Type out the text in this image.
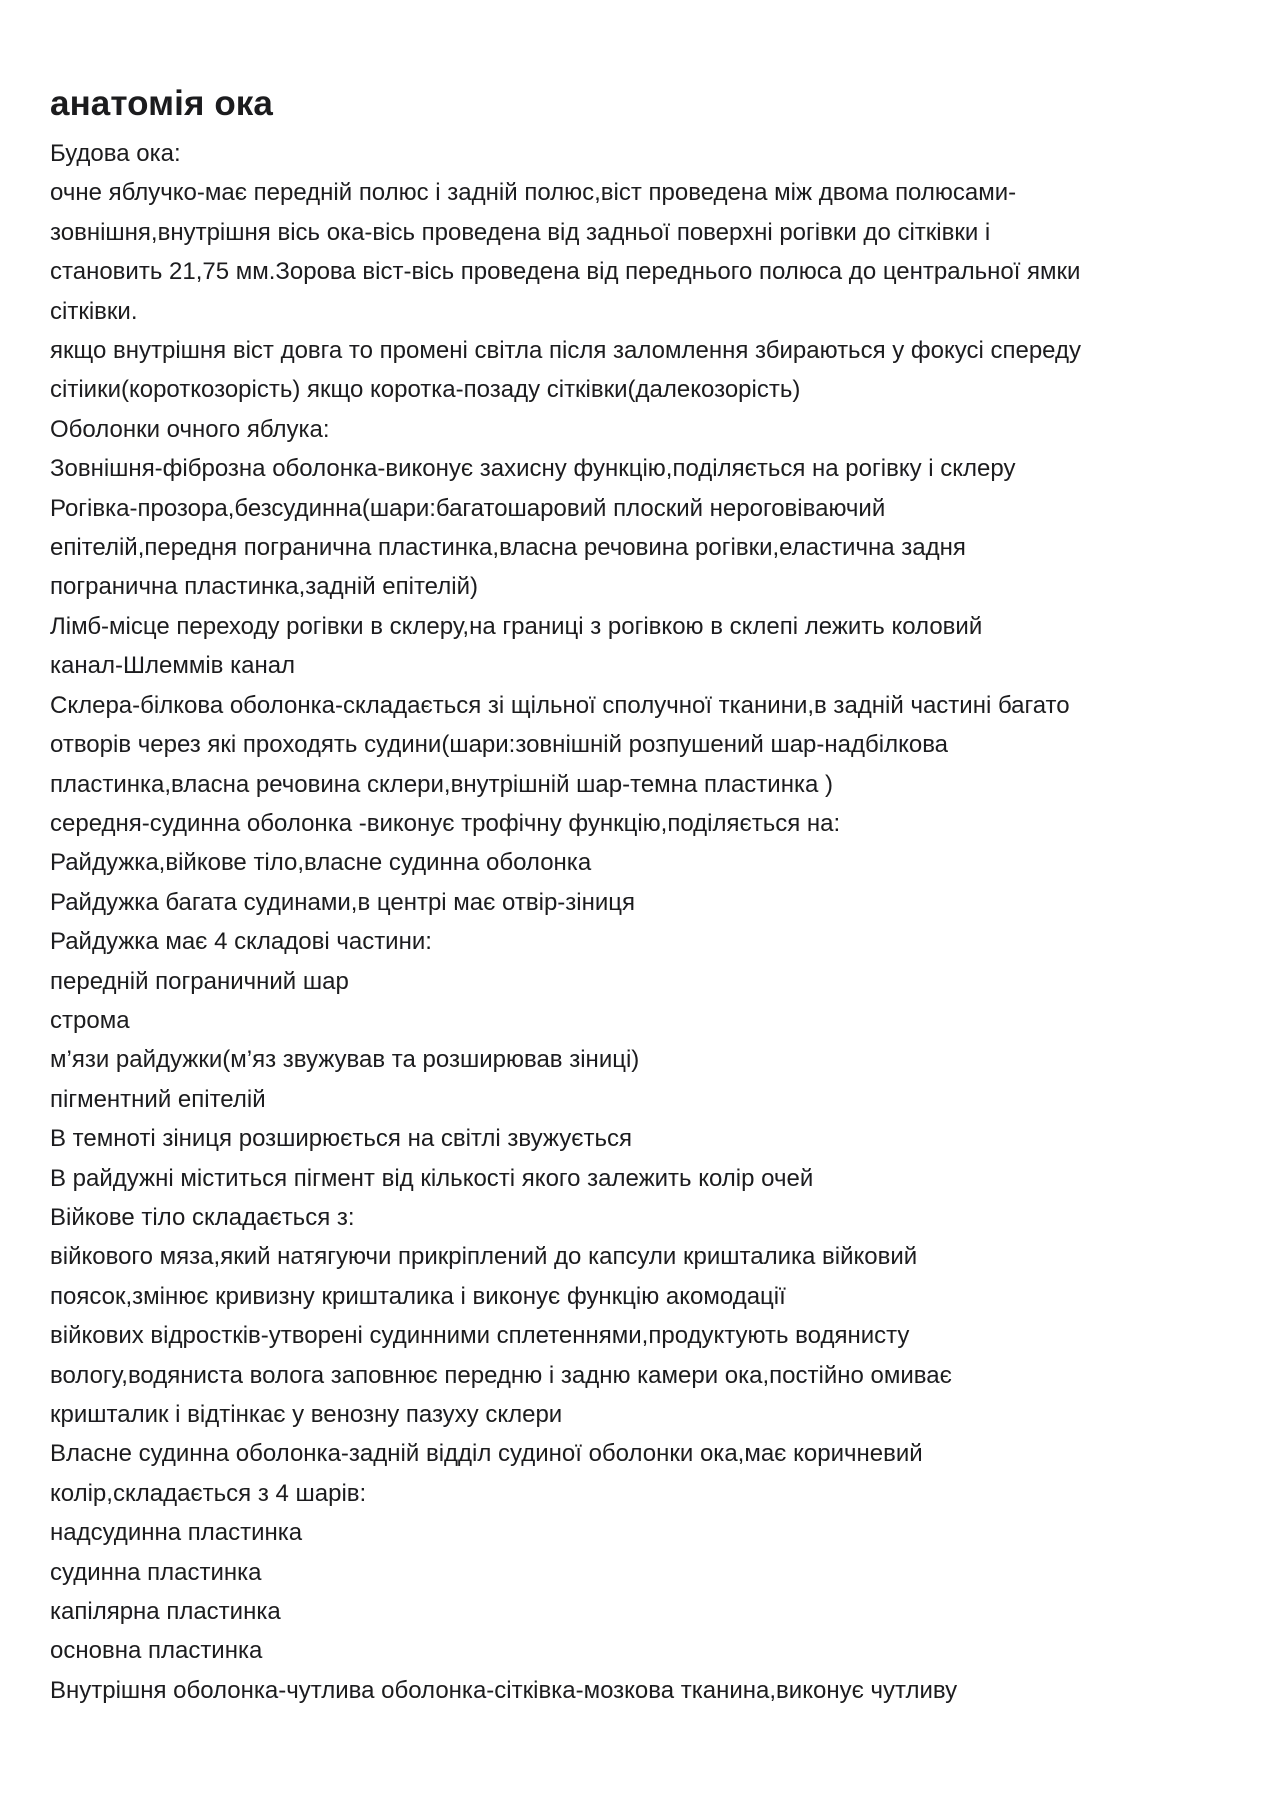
анатомія ока
Будова ока:
очне яблучко-має передній полюс і задній полюс,віст проведена між двома полюсами-
зовнішня,внутрішня вісь ока-вісь проведена від задньої поверхні рогівки до сітківки і
становить 21,75 мм.Зорова віст-вісь проведена від переднього полюса до центральної ямки
сітківки.
якщо внутрішня віст довга то промені світла після заломлення збираються у фокусі спереду
сітіики(короткозорість) якщо коротка-позаду сітківки(далекозорість)
Оболонки очного яблука:
Зовнішня-фіброзна оболонка-виконує захисну функцію,поділяється на рогівку і склеру
Рогівка-прозора,безсудинна(шари:багатошаровий плоский нероговіваючий
епітелій,передня погранична пластинка,власна речовина рогівки,еластична задня
погранична пластинка,задній епітелій)
Лімб-місце переходу рогівки в склеру,на границі з рогівкою в склепі лежить коловий
канал-Шлеммів канал
Склера-білкова оболонка-складається зі щільної сполучної тканини,в задній частині багато
отворів через які проходять судини(шари:зовнішній розпушений шар-надбілкова
пластинка,власна речовина склери,внутрішній шар-темна пластинка )
середня-судинна оболонка -виконує трофічну функцію,поділяється на:
Райдужка,війкове тіло,власне судинна оболонка
Райдужка багата судинами,в центрі має отвір-зіниця
Райдужка має 4 складові частини:
передній пограничний шар
строма
м’язи райдужки(м’яз звужував та розширював зіниці)
пігментний епітелій
В темноті зіниця розширюється на світлі звужується
В райдужні міститься пігмент від кількості якого залежить колір очей
Війкове тіло складається з:
війкового мяза,який натягуючи прикріплений до капсули кришталика війковий
поясок,змінює кривизну кришталика і виконує функцію акомодації
війкових відростків-утворені судинними сплетеннями,продуктують водянисту
вологу,водяниста волога заповнює передню і задню камери ока,постійно омиває
кришталик і відтінкає у венозну пазуху склери
Власне судинна оболонка-задній відділ судиної оболонки ока,має коричневий
колір,складається з 4 шарів:
надсудинна пластинка
судинна пластинка
капілярна пластинка
основна пластинка
Внутрішня оболонка-чутлива оболонка-сітківка-мозкова тканина,виконує чутливу
